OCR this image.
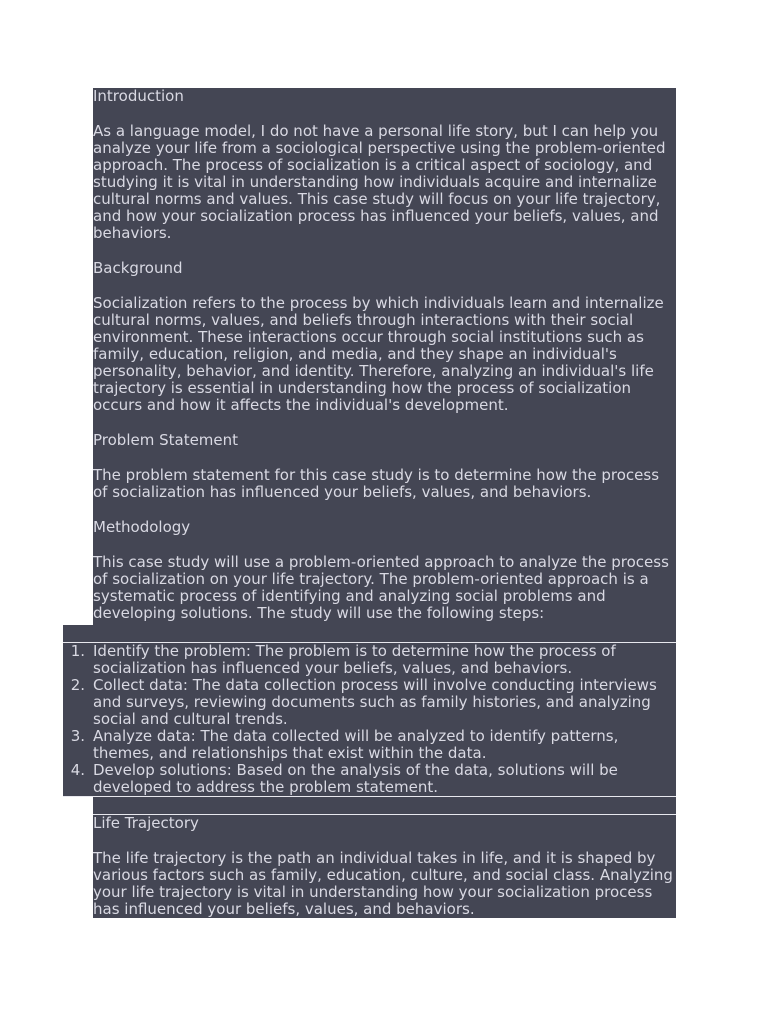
Introduction

As a language model, I do not have a personal life story, but I can help you analyze your life from a sociological perspective using the problem-oriented approach. The process of socialization is a critical aspect of sociology, and studying it is vital in understanding how individuals acquire and internalize cultural norms and values. This case study will focus on your life trajectory, and how your socialization process has influenced your beliefs, values, and behaviors.

Background

Socialization refers to the process by which individuals learn and internalize cultural norms, values, and beliefs through interactions with their social environment. These interactions occur through social institutions such as family, education, religion, and media, and they shape an individual's personality, behavior, and identity. Therefore, analyzing an individual's life trajectory is essential in understanding how the process of socialization occurs and how it affects the individual's development.

Problem Statement

The problem statement for this case study is to determine how the process of socialization has influenced your beliefs, values, and behaviors.

Methodology

This case study will use a problem-oriented approach to analyze the process of socialization on your life trajectory. The problem-oriented approach is a systematic process of identifying and analyzing social problems and developing solutions. The study will use the following steps:

1. Identify the problem: The problem is to determine how the process of socialization has influenced your beliefs, values, and behaviors.
2. Collect data: The data collection process will involve conducting interviews and surveys, reviewing documents such as family histories, and analyzing social and cultural trends.
3. Analyze data: The data collected will be analyzed to identify patterns, themes, and relationships that exist within the data.
4. Develop solutions: Based on the analysis of the data, solutions will be developed to address the problem statement.

Life Trajectory

The life trajectory is the path an individual takes in life, and it is shaped by various factors such as family, education, culture, and social class. Analyzing your life trajectory is vital in understanding how your socialization process has influenced your beliefs, values, and behaviors.
